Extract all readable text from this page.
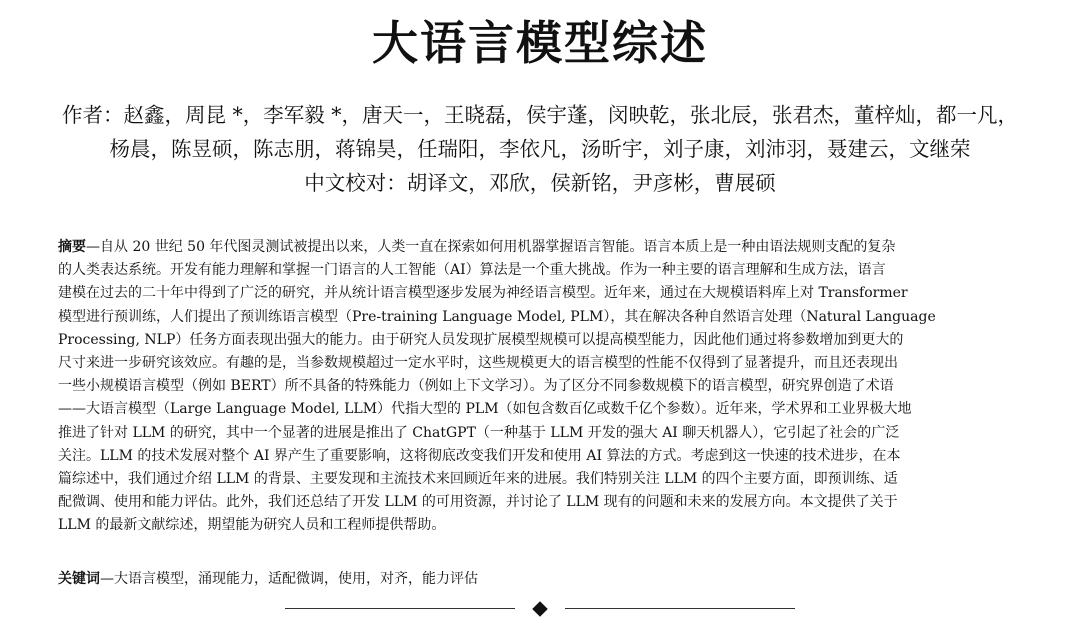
大语言模型综述
作者：赵鑫，周昆 *，李军毅 *，唐天一，王晓磊，侯宇蓬，闵映乾，张北辰，张君杰，董梓灿，都一凡，
杨晨，陈昱硕，陈志朋，蒋锦昊，任瑞阳，李依凡，汤昕宇，刘子康，刘沛羽，聂建云，文继荣
中文校对：胡译文，邓欣，侯新铭，尹彦彬，曹展硕
摘要—自从 20 世纪 50 年代图灵测试被提出以来，人类一直在探索如何用机器掌握语言智能。语言本质上是一种由语法规则支配的复杂
的人类表达系统。开发有能力理解和掌握一门语言的人工智能（AI）算法是一个重大挑战。作为一种主要的语言理解和生成方法，语言
建模在过去的二十年中得到了广泛的研究，并从统计语言模型逐步发展为神经语言模型。近年来，通过在大规模语料库上对 Transformer
模型进行预训练，人们提出了预训练语言模型（Pre-training Language Model, PLM），其在解决各种自然语言处理（Natural Language
Processing, NLP）任务方面表现出强大的能力。由于研究人员发现扩展模型规模可以提高模型能力，因此他们通过将参数增加到更大的
尺寸来进一步研究该效应。有趣的是，当参数规模超过一定水平时，这些规模更大的语言模型的性能不仅得到了显著提升，而且还表现出
一些小规模语言模型（例如 BERT）所不具备的特殊能力（例如上下文学习）。为了区分不同参数规模下的语言模型，研究界创造了术语
——大语言模型（Large Language Model, LLM）代指大型的 PLM（如包含数百亿或数千亿个参数）。近年来，学术界和工业界极大地
推进了针对 LLM 的研究，其中一个显著的进展是推出了 ChatGPT（一种基于 LLM 开发的强大 AI 聊天机器人），它引起了社会的广泛
关注。LLM 的技术发展对整个 AI 界产生了重要影响，这将彻底改变我们开发和使用 AI 算法的方式。考虑到这一快速的技术进步，在本
篇综述中，我们通过介绍 LLM 的背景、主要发现和主流技术来回顾近年来的进展。我们特别关注 LLM 的四个主要方面，即预训练、适
配微调、使用和能力评估。此外，我们还总结了开发 LLM 的可用资源，并讨论了 LLM 现有的问题和未来的发展方向。本文提供了关于
LLM 的最新文献综述，期望能为研究人员和工程师提供帮助。
关键词—大语言模型，涌现能力，适配微调，使用，对齐，能力评估
